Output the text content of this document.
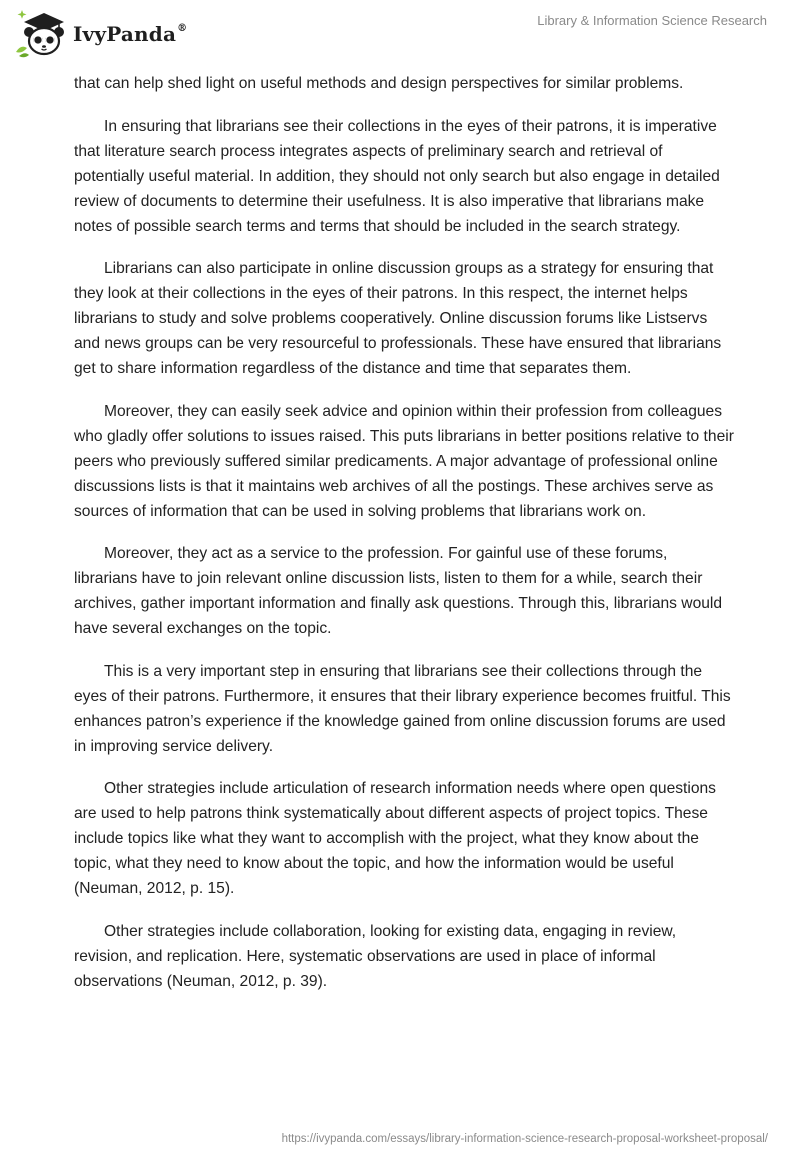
IvyPanda®
Library & Information Science Research

that can help shed light on useful methods and design perspectives for similar problems.

In ensuring that librarians see their collections in the eyes of their patrons, it is imperative that literature search process integrates aspects of preliminary search and retrieval of potentially useful material. In addition, they should not only search but also engage in detailed review of documents to determine their usefulness. It is also imperative that librarians make notes of possible search terms and terms that should be included in the search strategy.

Librarians can also participate in online discussion groups as a strategy for ensuring that they look at their collections in the eyes of their patrons. In this respect, the internet helps librarians to study and solve problems cooperatively. Online discussion forums like Listservs and news groups can be very resourceful to professionals. These have ensured that librarians get to share information regardless of the distance and time that separates them.

Moreover, they can easily seek advice and opinion within their profession from colleagues who gladly offer solutions to issues raised. This puts librarians in better positions relative to their peers who previously suffered similar predicaments. A major advantage of professional online discussions lists is that it maintains web archives of all the postings. These archives serve as sources of information that can be used in solving problems that librarians work on.

Moreover, they act as a service to the profession. For gainful use of these forums, librarians have to join relevant online discussion lists, listen to them for a while, search their archives, gather important information and finally ask questions. Through this, librarians would have several exchanges on the topic.

This is a very important step in ensuring that librarians see their collections through the eyes of their patrons. Furthermore, it ensures that their library experience becomes fruitful. This enhances patron’s experience if the knowledge gained from online discussion forums are used in improving service delivery.

Other strategies include articulation of research information needs where open questions are used to help patrons think systematically about different aspects of project topics. These include topics like what they want to accomplish with the project, what they know about the topic, what they need to know about the topic, and how the information would be useful (Neuman, 2012, p. 15).

Other strategies include collaboration, looking for existing data, engaging in review, revision, and replication. Here, systematic observations are used in place of informal observations (Neuman, 2012, p. 39).

https://ivypanda.com/essays/library-information-science-research-proposal-worksheet-proposal/
